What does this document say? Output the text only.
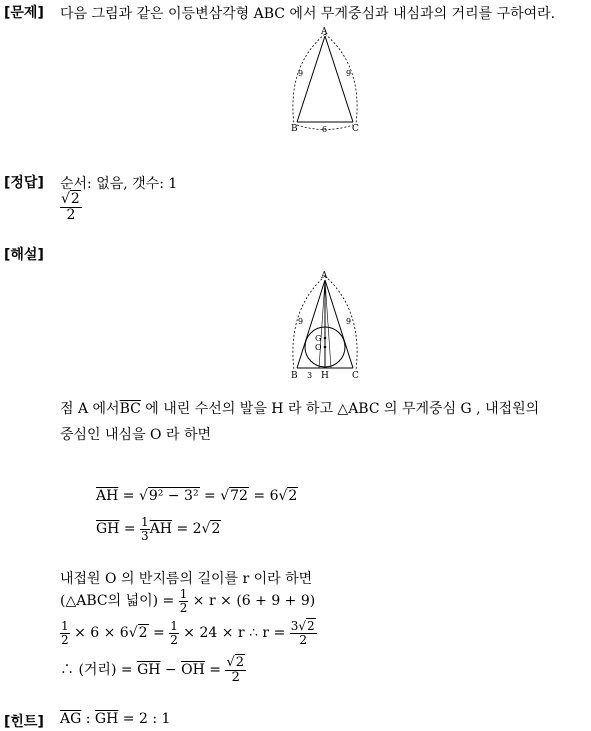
[문제] 다음 그림과 같은 이등변삼각형 ABC 에서 무게중심과 내심과의 거리를 구하여라.
A
B	C
9	9
6
[정답] 순서: 없음, 갯수: 1
$\frac{√2}{2}$
[해설]
A
B	C
H
G
O
9	9
3
점 A 에서$\overline{BC}$ 에 내린 수선의 발을 H 라 하고 △ABC 의 무게중심 G , 내접원의
중심인 내심을 O 라 하면
$\overline{AH} = √9^2 - 3^2 = √72 = 6√2$
$\overline{GH} = \frac{1}{3} \overline{AH} = 2√2$
내접원 O 의 반지름의 길이를 r 이라 하면
(△ABC의 넓이) = $\frac{1}{2} \times r \times (6 + 9 + 9)$
$\frac{1}{2} \times 6 \times 6√2 = \frac{1}{2} \times 24 \times r$ ∴ $r = \frac{3√2}{2}$
∴ (거리) = $\overline{GH} - \overline{OH} = \frac{√2}{2}$
[힌트] $\overline{AG}$ : $\overline{GH} = 2$ : 1
